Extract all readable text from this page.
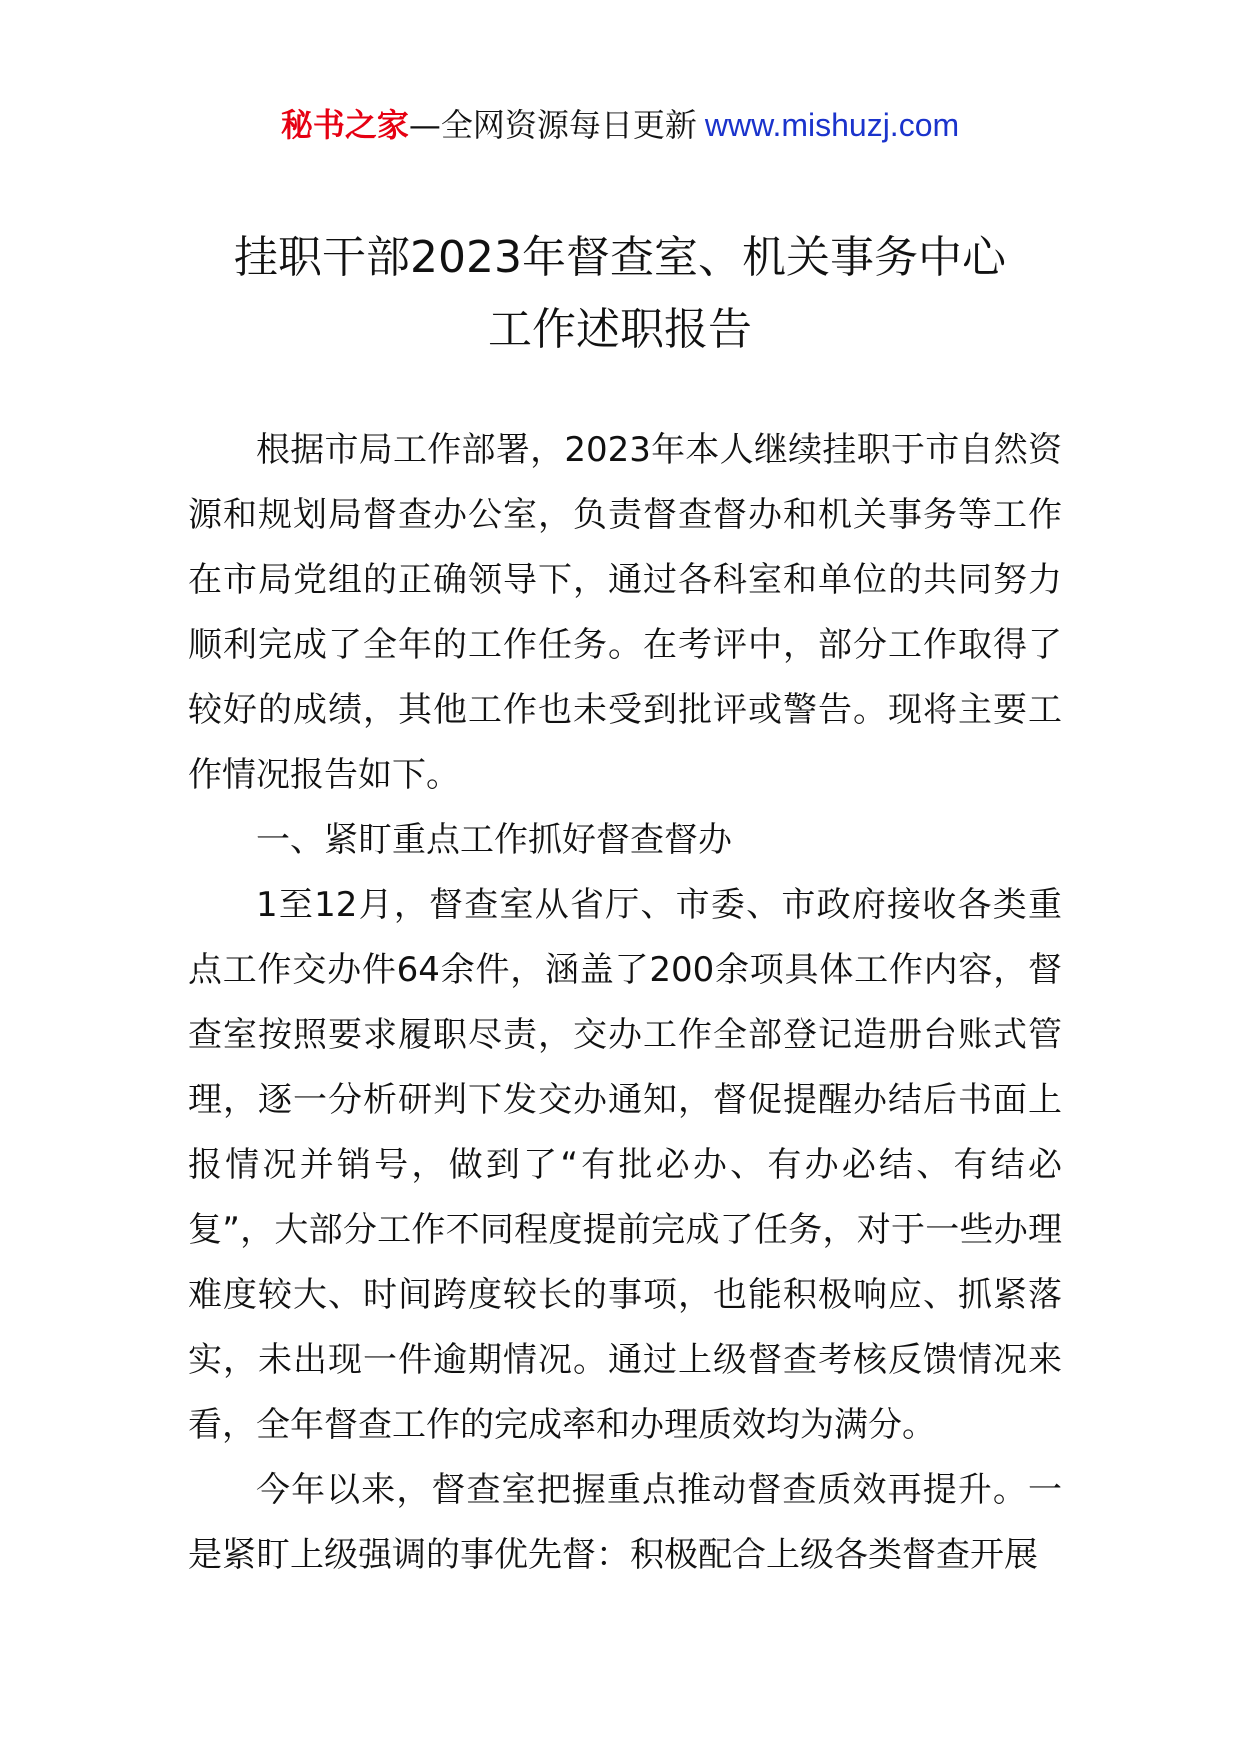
秘书之家—全网资源每日更新 www.mishuzj.com
挂职干部2023年督查室、机关事务中心
工作述职报告

根据市局工作部署，2023年本人继续挂职于市自然资源和规划局督查办公室，负责督查督办和机关事务等工作在市局党组的正确领导下，通过各科室和单位的共同努力顺利完成了全年的工作任务。在考评中，部分工作取得了较好的成绩，其他工作也未受到批评或警告。现将主要工作情况报告如下。

一、紧盯重点工作抓好督查督办

1至12月，督查室从省厅、市委、市政府接收各类重点工作交办件64余件，涵盖了200余项具体工作内容，督查室按照要求履职尽责，交办工作全部登记造册台账式管理，逐一分析研判下发交办通知，督促提醒办结后书面上报情况并销号，做到了“有批必办、有办必结、有结必复”，大部分工作不同程度提前完成了任务，对于一些办理难度较大、时间跨度较长的事项，也能积极响应、抓紧落实，未出现一件逾期情况。通过上级督查考核反馈情况来看，全年督查工作的完成率和办理质效均为满分。

今年以来，督查室把握重点推动督查质效再提升。一是紧盯上级强调的事优先督：积极配合上级各类督查开展
